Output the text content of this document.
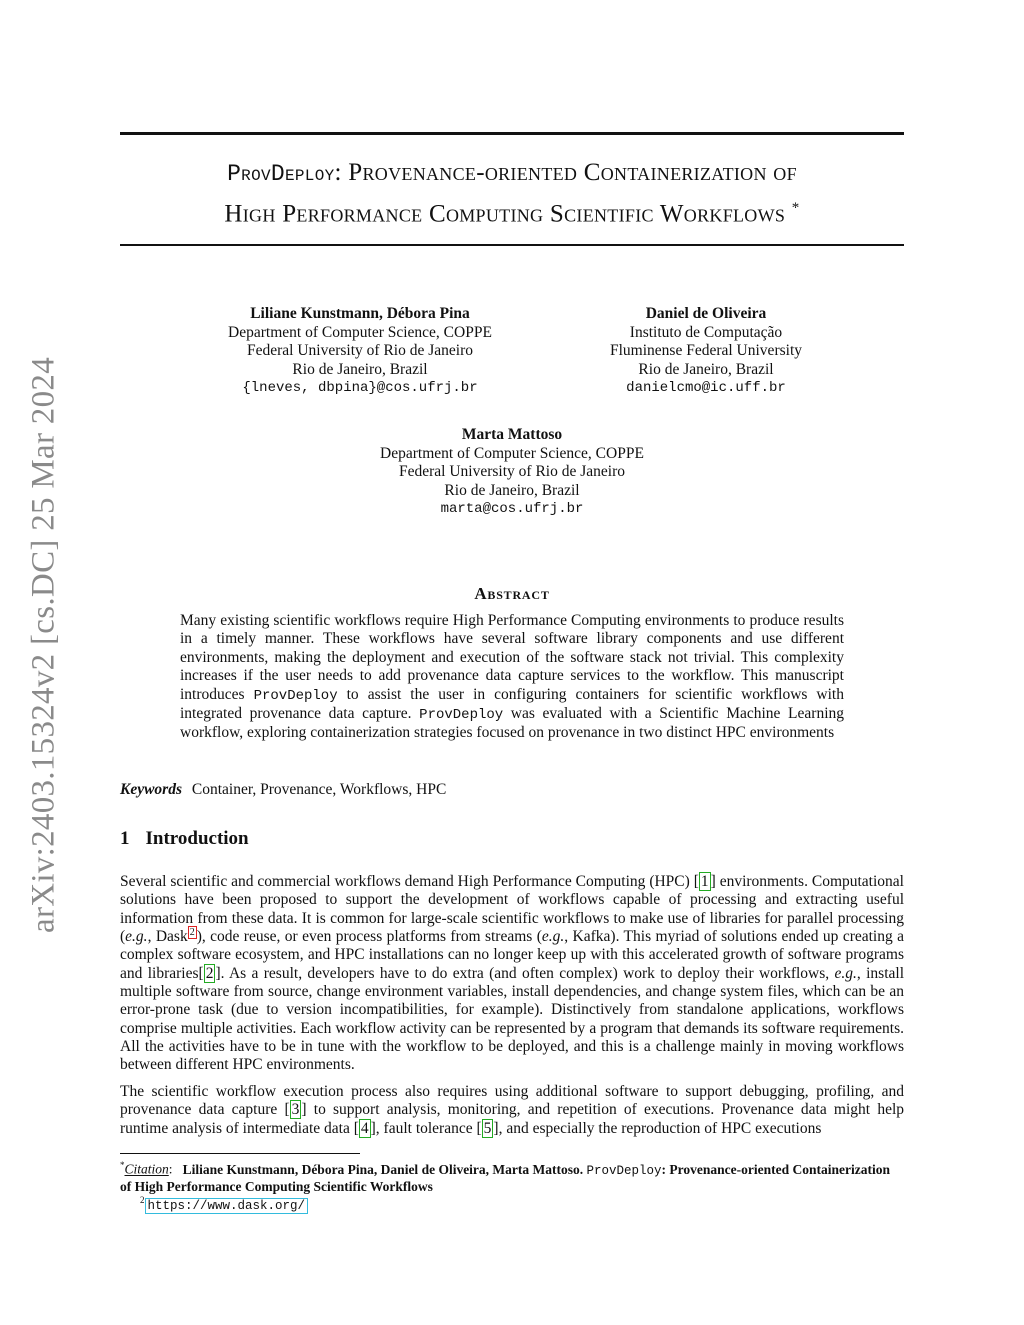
arXiv:2403.15324v2 [cs.DC] 25 Mar 2024
ProvDeploy: Provenance-oriented Containerization of
High Performance Computing Scientific Workflows *
Liliane Kunstmann, Débora Pina
Department of Computer Science, COPPE
Federal University of Rio de Janeiro
Rio de Janeiro, Brazil
{lneves, dbpina}@cos.ufrj.br
Daniel de Oliveira
Instituto de Computação
Fluminense Federal University
Rio de Janeiro, Brazil
danielcmo@ic.uff.br
Marta Mattoso
Department of Computer Science, COPPE
Federal University of Rio de Janeiro
Rio de Janeiro, Brazil
marta@cos.ufrj.br
Abstract
Many existing scientific workflows require High Performance Computing environments to produce results in a timely manner. These workflows have several software library components and use different environments, making the deployment and execution of the software stack not trivial. This complexity increases if the user needs to add provenance data capture services to the workflow. This manuscript introduces ProvDeploy to assist the user in configuring containers for scientific workflows with integrated provenance data capture. ProvDeploy was evaluated with a Scientific Machine Learning workflow, exploring containerization strategies focused on provenance in two distinct HPC environments
Keywords Container, Provenance, Workflows, HPC
1 Introduction
Several scientific and commercial workflows demand High Performance Computing (HPC) [ 1 ] environments. Computational solutions have been proposed to support the development of workflows capable of processing and extracting useful information from these data. It is common for large-scale scientific workflows to make use of libraries for parallel processing (e.g., Dask $^2$ ), code reuse, or even process platforms from streams (e.g., Kafka). This myriad of solutions ended up creating a complex software ecosystem, and HPC installations can no longer keep up with this accelerated growth of software programs and libraries[ 2 ]. As a result, developers have to do extra (and often complex) work to deploy their workflows, e.g., install multiple software from source, change environment variables, install dependencies, and change system files, which can be an error-prone task (due to version incompatibilities, for example). Distinctively from standalone applications, workflows comprise multiple activities. Each workflow activity can be represented by a program that demands its software requirements. All the activities have to be in tune with the workflow to be deployed, and this is a challenge mainly in moving workflows between different HPC environments.
The scientific workflow execution process also requires using additional software to support debugging, profiling, and provenance data capture [ 3 ] to support analysis, monitoring, and repetition of executions. Provenance data might help runtime analysis of intermediate data [ 4 ], fault tolerance [ 5 ], and especially the reproduction of HPC executions
*Citation:   Liliane Kunstmann, Débora Pina, Daniel de Oliveira, Marta Mattoso. ProvDeploy: Provenance-oriented Containerization of High Performance Computing Scientific Workflows
$^2$ https://www.dask.org/
